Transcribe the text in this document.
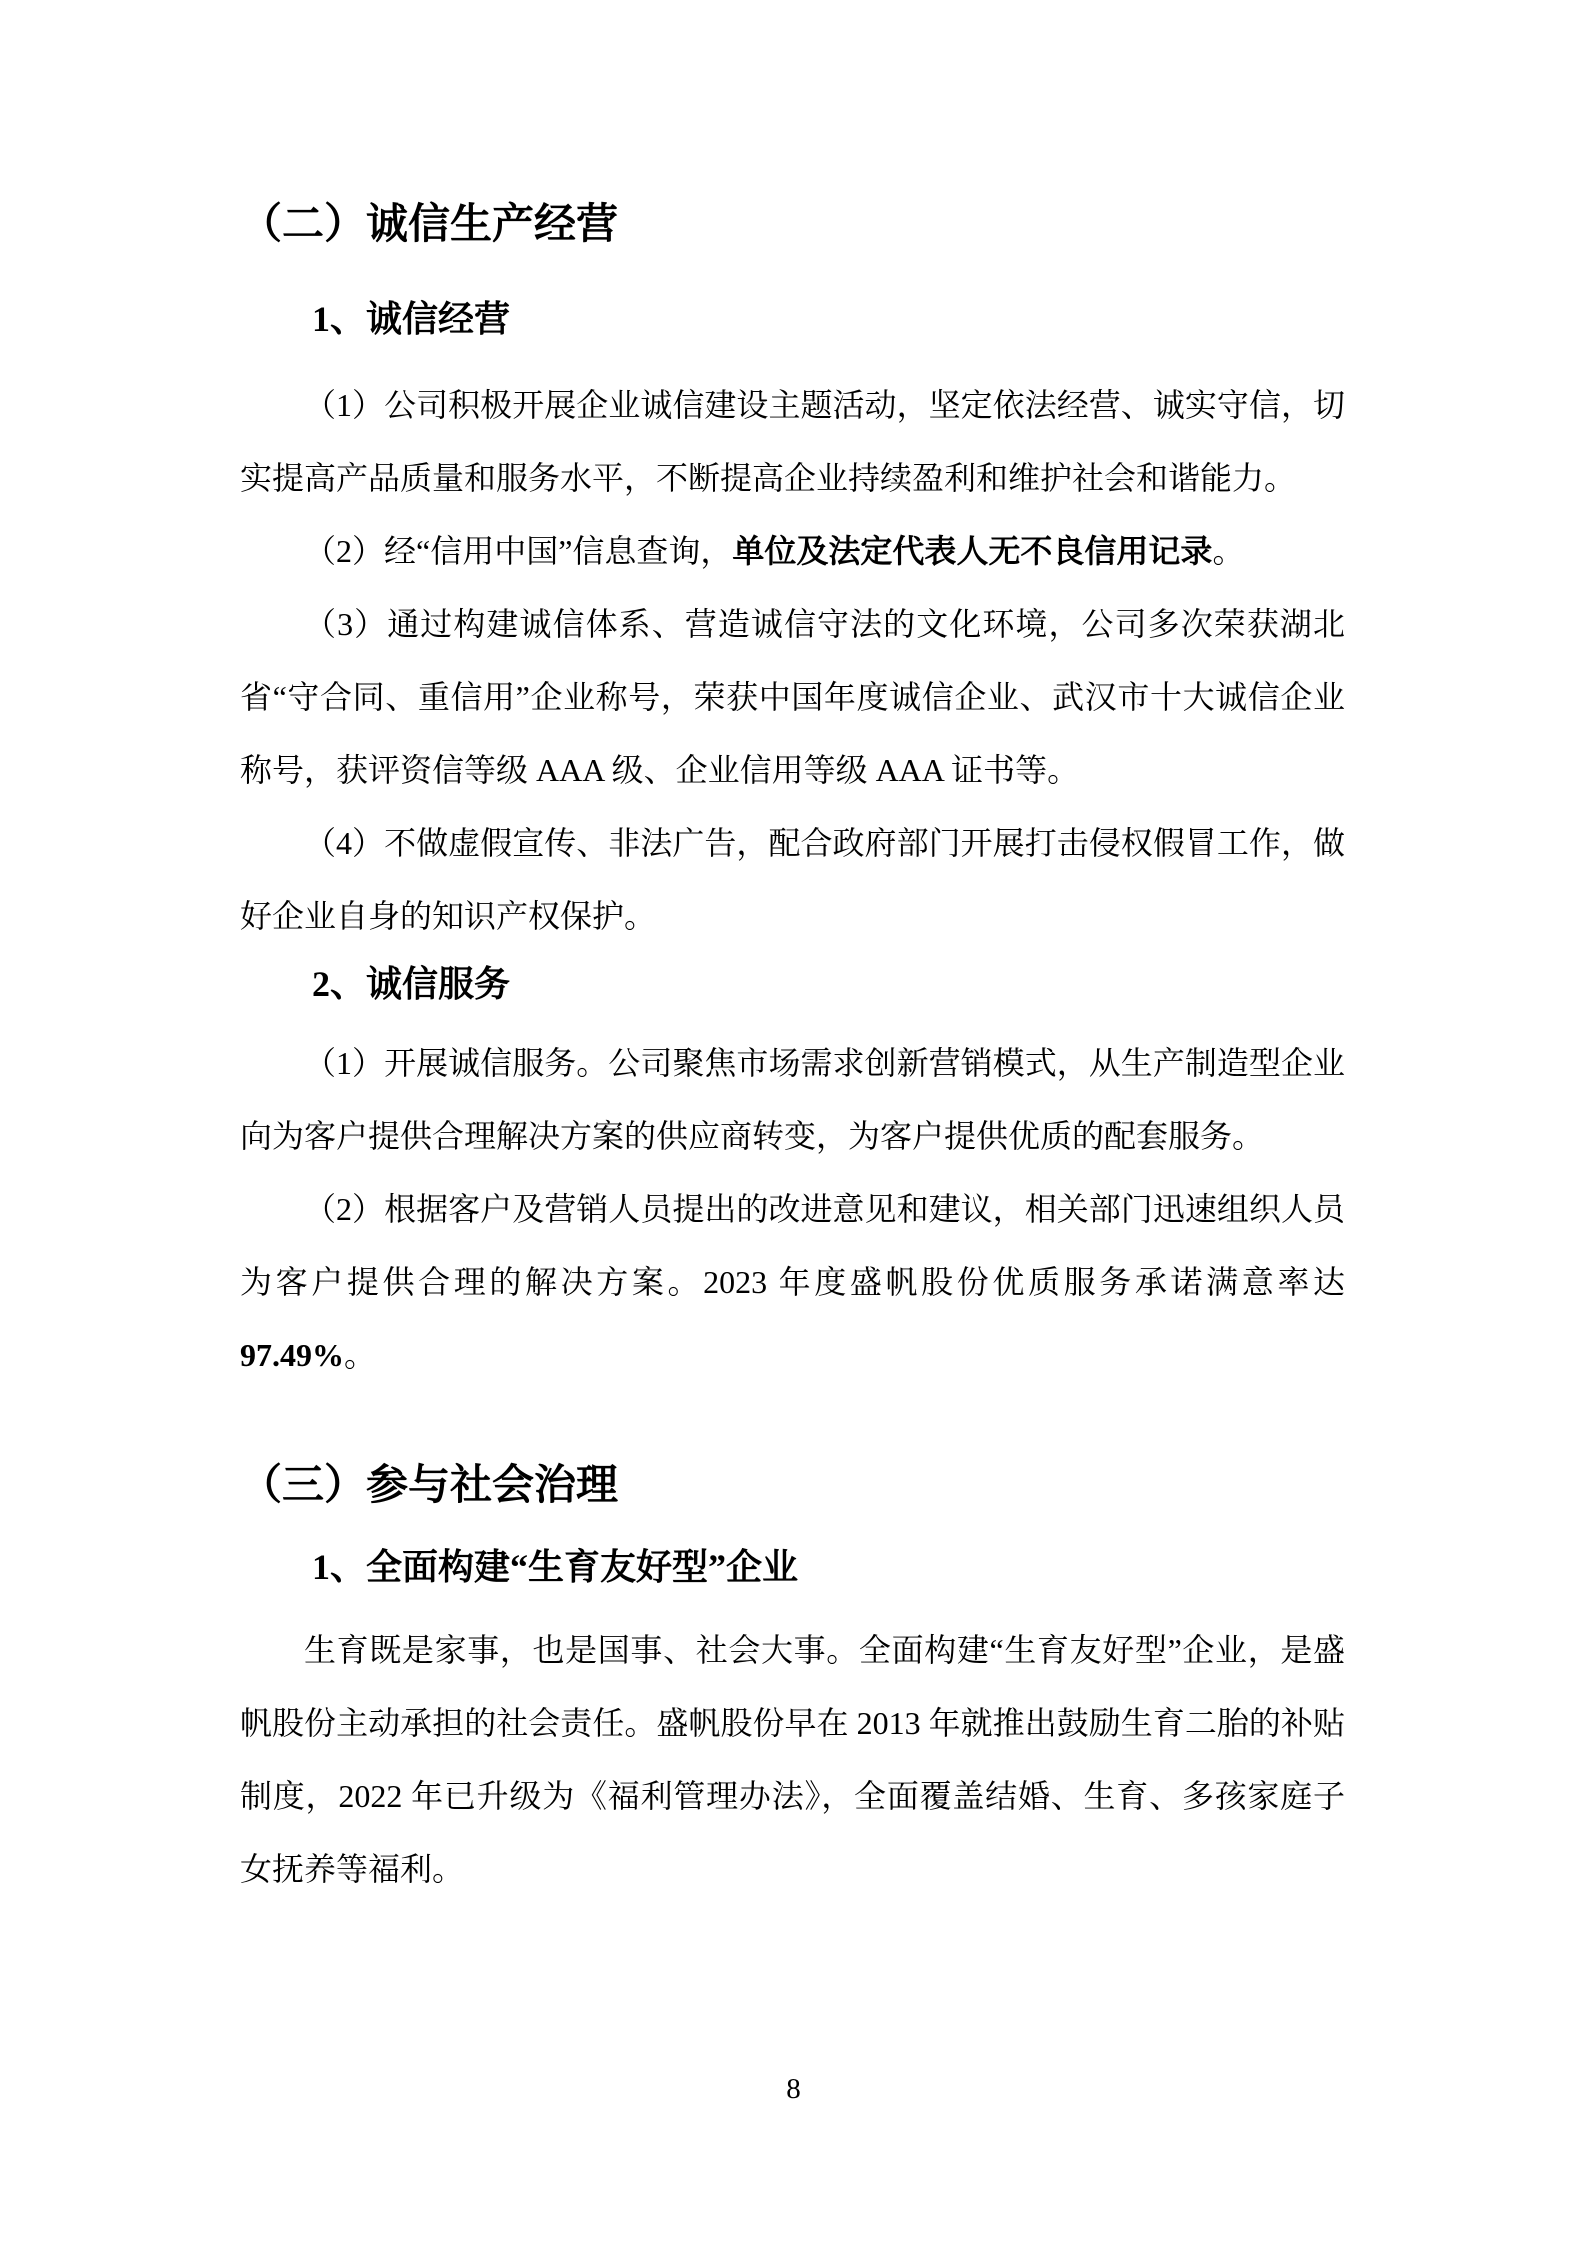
（二）诚信生产经营
1、诚信经营

（1）公司积极开展企业诚信建设主题活动，坚定依法经营、诚实守信，切实提高产品质量和服务水平，不断提高企业持续盈利和维护社会和谐能力。

（2）经“信用中国”信息查询，单位及法定代表人无不良信用记录。

（3）通过构建诚信体系、营造诚信守法的文化环境，公司多次荣获湖北省“守合同、重信用”企业称号，荣获中国年度诚信企业、武汉市十大诚信企业称号，获评资信等级 AAA 级、企业信用等级 AAA 证书等。

（4）不做虚假宣传、非法广告，配合政府部门开展打击侵权假冒工作，做好企业自身的知识产权保护。

2、诚信服务

（1）开展诚信服务。公司聚焦市场需求创新营销模式，从生产制造型企业向为客户提供合理解决方案的供应商转变，为客户提供优质的配套服务。

（2）根据客户及营销人员提出的改进意见和建议，相关部门迅速组织人员为客户提供合理的解决方案。2023 年度盛帆股份优质服务承诺满意率达97.49%。

（三）参与社会治理
1、全面构建“生育友好型”企业

生育既是家事，也是国事、社会大事。全面构建“生育友好型”企业，是盛帆股份主动承担的社会责任。盛帆股份早在 2013 年就推出鼓励生育二胎的补贴制度，2022 年已升级为《福利管理办法》，全面覆盖结婚、生育、多孩家庭子女抚养等福利。

8
